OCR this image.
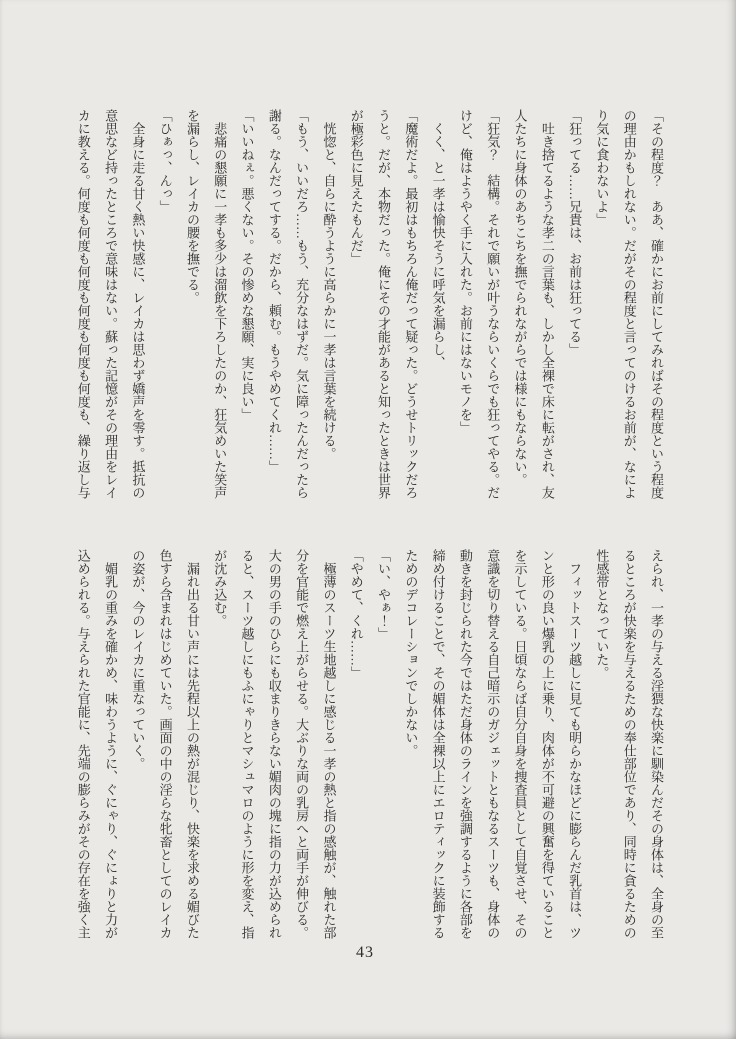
「その程度？　ああ、確かにお前にしてみればその程度という程度の理由かもしれない。だがその程度と言ってのけるお前が、なにより気に食わないよ」

「狂ってる……兄貴は、お前は狂ってる」

吐き捨てるような孝二の言葉も、しかし全裸で床に転がされ、友人たちに身体のあちこちを撫でられながらでは様にもならない。

「狂気？　結構。それで願いが叶うならいくらでも狂ってやる。だけど、俺はようやく手に入れた。お前にはないモノを」

くく、と一孝は愉快そうに呼気を漏らし、

「魔術だよ。最初はもちろん俺だって疑った。どうせトリックだろうと。だが、本物だった。俺にその才能があると知ったときは世界が極彩色に見えたもんだ」

恍惚と、自らに酔うように高らかに一孝は言葉を続ける。

「もう、いいだろ……もう、充分なはずだ。気に障ったんだったら謝る。なんだってする。だから、頼む。もうやめてくれ……」

「いいねぇ。悪くない。その惨めな懇願、実に良い」

悲痛の懇願に一孝も多少は溜飲を下ろしたのか、狂気めいた笑声を漏らし、レイカの腰を撫でる。

「ひぁっ、んっ」

全身に走る甘く熱い快感に、レイカは思わず嬌声を零す。抵抗の意思など持ったところで意味はない。蘇った記憶がその理由をレイカに教える。何度も何度も何度も何度も何度も何度も、繰り返し与

えられ、一孝の与える淫猥な快楽に馴染んだその身体は、全身の至るところが快楽を与えるための奉仕部位であり、同時に貪るための性感帯となっていた。

フィットスーツ越しに見ても明らかなほどに膨らんだ乳首は、ツンと形の良い爆乳の上に乗り、肉体が不可避の興奮を得ていることを示している。日頃ならば自分自身を捜査員として自覚させ、その意識を切り替える自己暗示のガジェットともなるスーツも、身体の動きを封じられた今ではただ身体のラインを強調するように各部を締め付けることで、その媚体は全裸以上にエロティックに装飾するためのデコレーションでしかない。

「い、やぁ！」

「やめて、くれ……」

極薄のスーツ生地越しに感じる一孝の熱と指の感触が、触れた部分を官能で燃え上がらせる。大ぶりな両の乳房へと両手が伸びる。大の男の手のひらにも収まりきらない媚肉の塊に指の力が込められると、スーツ越しにもふにゃりとマシュマロのように形を変え、指が沈み込む。

漏れ出る甘い声には先程以上の熱が混じり、快楽を求める媚びた色すら含まれはじめていた。画面の中の淫らな牝畜としてのレイカの姿が、今のレイカに重なっていく。

媚乳の重みを確かめ、味わうように、ぐにゃり、ぐにょりと力が込められる。与えられた官能に、先端の膨らみがその存在を強く主

43
